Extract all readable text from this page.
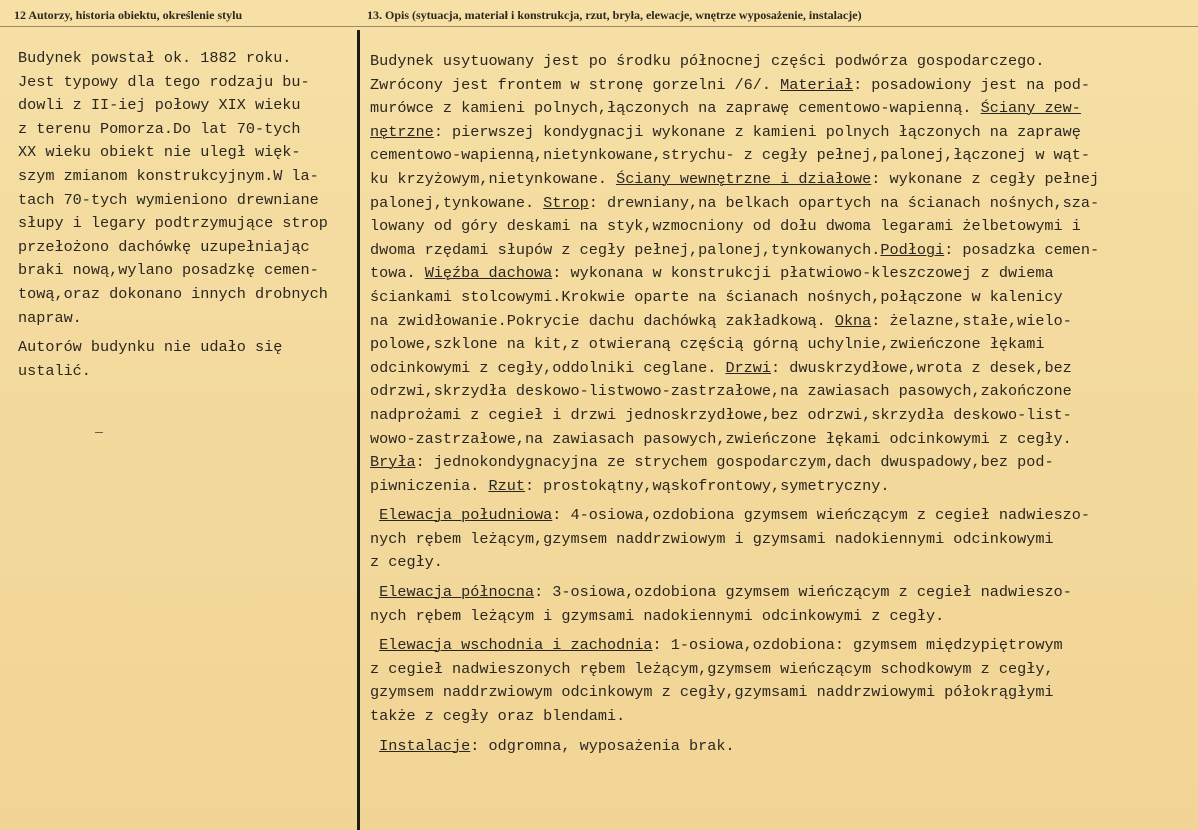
12 Autorzy, historia obiektu, określenie stylu	13. Opis (sytuacja, materiał i konstrukcja, rzut, bryła, elewacje, wnętrze wyposażenie, instalacje)
Budynek powstał ok. 1882 roku.
Jest typowy dla tego rodzaju bu-
dowli z II-iej połowy XIX wieku
z terenu Pomorza.Do lat 70-tych
XX wieku obiekt nie uległ więk-
szym zmianom konstrukcyjnym.W la-
tach 70-tych wymieniono drewniane
słupy i legary podtrzymujące strop
przełożono dachówkę uzupełniając
braki nową,wylano posadzkę cemen-
tową,oraz dokonano innych drobnych
napraw.
Autorów budynku nie udało się
ustalić.
Budynek usytuowany jest po środku północnej części podwórza gospodarczego.
Zwrócony jest frontem w stronę gorzelni /6/. Materiał: posadowiony jest na pod-
murówce z kamieni polnych,łączonych na zaprawę cementowo-wapienną. Ściany zew-
nętrzne: pierwszej kondygnacji wykonane z kamieni polnych łączonych na zaprawę
cementowo-wapienną,nietynkowane,strychu- z cegły pełnej,palonej,łączonej w wąt-
ku krzyżowym,nietynkowane. Ściany wewnętrzne i działowe: wykonane z cegły pełnej
palonej,tynkowane. Strop: drewniany,na belkach opartych na ścianach nośnych,sza-
lowany od góry deskami na styk,wzmocniony od dołu dwoma legarami żelbetowymi i
dwoma rzędami słupów z cegły pełnej,palonej,tynkowanych.Podłogi: posadzka cemen-
towa. Więźba dachowa: wykonana w konstrukcji płatwiowo-kleszczowej z dwiema
ściankami stolcowymi.Krokwie oparte na ścianach nośnych,połączone w kalenicy
na zwidłowanie.Pokrycie dachu dachówką zakładkową. Okna: żelazne,stałe,wielo-
polowe,szklone na kit,z otwieraną częścią górną uchylnie,zwieńczone łękami
odcinkowymi z cegły,oddolniki ceglane. Drzwi: dwuskrzydłowe,wrota z desek,bez
odrzwi,skrzydła deskowo-listwowo-zastrzałowe,na zawiasach pasowych,zakończone
nadprożami z cegieł i drzwi jednoskrzydłowe,bez odrzwi,skrzydła deskowo-list-
wowo-zastrzałowe,na zawiasach pasowych,zwieńczone łękami odcinkowymi z cegły.
Bryła: jednokondygnacyjna ze strychem gospodarczym,dach dwuspadowy,bez pod-
piwniczenia. Rzut: prostokątny,wąskofrontowy,symetryczny.
Elewacja południowa: 4-osiowa,ozdobiona gzymsem wieńczącym z cegieł nadwieszo-
nych rębem leżącym,gzymsem naddrzwiowym i gzymsami nadokiennymi odcinkowymi
z cegły.
Elewacja północna: 3-osiowa,ozdobiona gzymsem wieńczącym z cegieł nadwieszo-
nych rębem leżącym i gzymsami nadokiennymi odcinkowymi z cegły.
Elewacja wschodnia i zachodnia: 1-osiowa,ozdobiona: gzymsem międzypiętrowym
z cegieł nadwieszonych rębem leżącym,gzymsem wieńczącym schodkowym z cegły,
gzymsem naddrzwiowym odcinkowym z cegły,gzymsami naddrzwiowymi półokrągłymi
także z cegły oraz blendami.
Instalacje: odgromna, wyposażenia brak.
